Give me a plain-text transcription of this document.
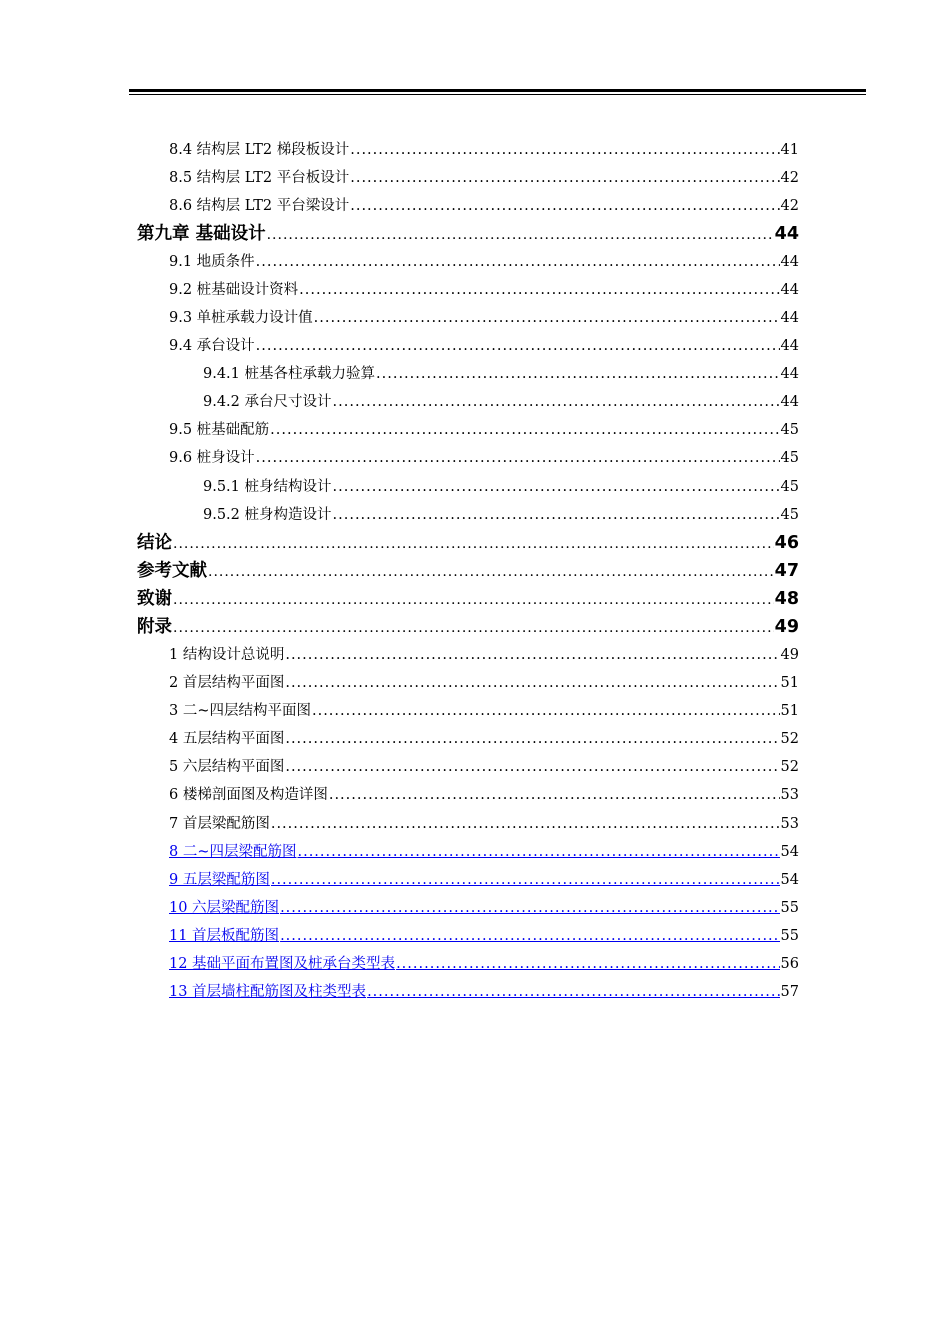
8.4 结构层 LT2 梯段板设计 .....	41
8.5 结构层 LT2 平台板设计 .....	42
8.6 结构层 LT2 平台梁设计 .....	42
第九章 基础设计 .....	44
9.1 地质条件 .....	44
9.2 桩基础设计资料 .....	44
9.3 单桩承载力设计值 .....	44
9.4 承台设计 .....	44
9.4.1 桩基各柱承载力验算 .....	44
9.4.2 承台尺寸设计 .....	44
9.5 桩基础配筋 .....	45
9.6 桩身设计 .....	45
9.5.1 桩身结构设计 .....	45
9.5.2 桩身构造设计 .....	45
结论 .....	46
参考文献 .....	47
致谢 .....	48
附录 .....	49
1 结构设计总说明 .....	49
2 首层结构平面图 .....	51
3 二~四层结构平面图 .....	51
4 五层结构平面图 .....	52
5 六层结构平面图 .....	52
6 楼梯剖面图及构造详图 .....	53
7 首层梁配筋图 .....	53
8 二~四层梁配筋图 .....	54
9 五层梁配筋图 .....	54
10 六层梁配筋图 .....	55
11 首层板配筋图 .....	55
12 基础平面布置图及桩承台类型表 .....	56
13 首层墙柱配筋图及柱类型表 .....	57
